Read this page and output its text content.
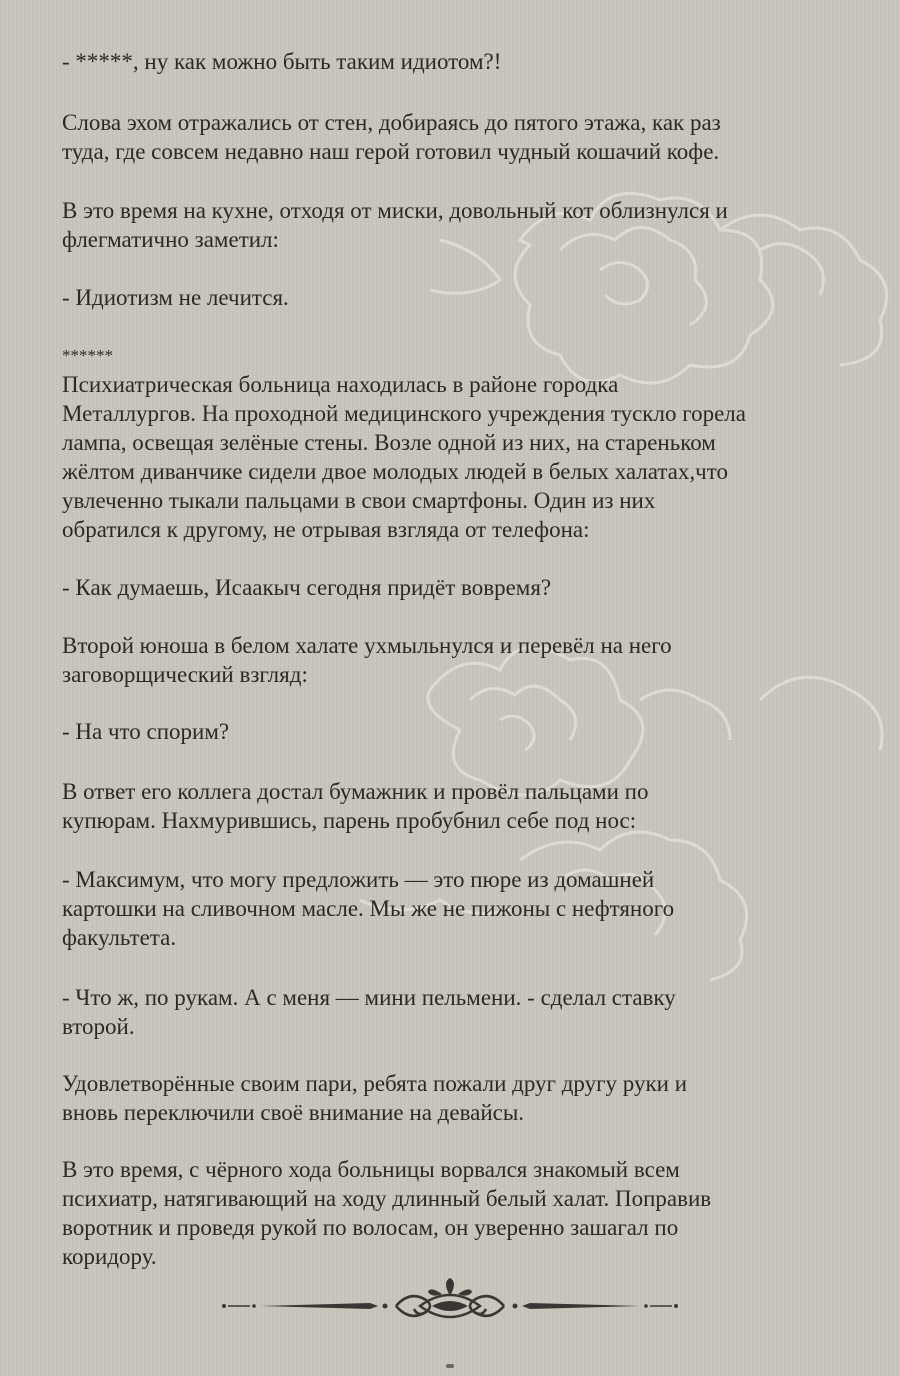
- *****, ну как можно быть таким идиотом?!

Слова эхом отражались от стен, добираясь до пятого этажа, как раз
туда, где совсем недавно наш герой готовил чудный кошачий кофе.

В это время на кухне, отходя от миски, довольный кот облизнулся и
флегматично заметил:

- Идиотизм не лечится.

******
Психиатрическая больница находилась в районе городка
Металлургов. На проходной медицинского учреждения тускло горела
лампа, освещая зелёные стены. Возле одной из них, на стареньком
жёлтом диванчике сидели двое молодых людей в белых халатах,что
увлеченно тыкали пальцами в свои смартфоны. Один из них
обратился к другому, не отрывая взгляда от телефона:

- Как думаешь, Исаакыч сегодня придёт вовремя?

Второй юноша в белом халате ухмыльнулся и перевёл на него
заговорщический взгляд:

- На что спорим?

В ответ его коллега достал бумажник и провёл пальцами по
купюрам. Нахмурившись, парень пробубнил себе под нос:

- Максимум, что могу предложить — это пюре из домашней
картошки на сливочном масле. Мы же не пижоны с нефтяного
факультета.

- Что ж, по рукам. А с меня — мини пельмени. - сделал ставку
второй.

Удовлетворённые своим пари, ребята пожали друг другу руки и
вновь переключили своё внимание на девайсы.

В это время, с чёрного хода больницы ворвался знакомый всем
психиатр, натягивающий на ходу длинный белый халат. Поправив
воротник и проведя рукой по волосам, он уверенно зашагал по
коридору.
